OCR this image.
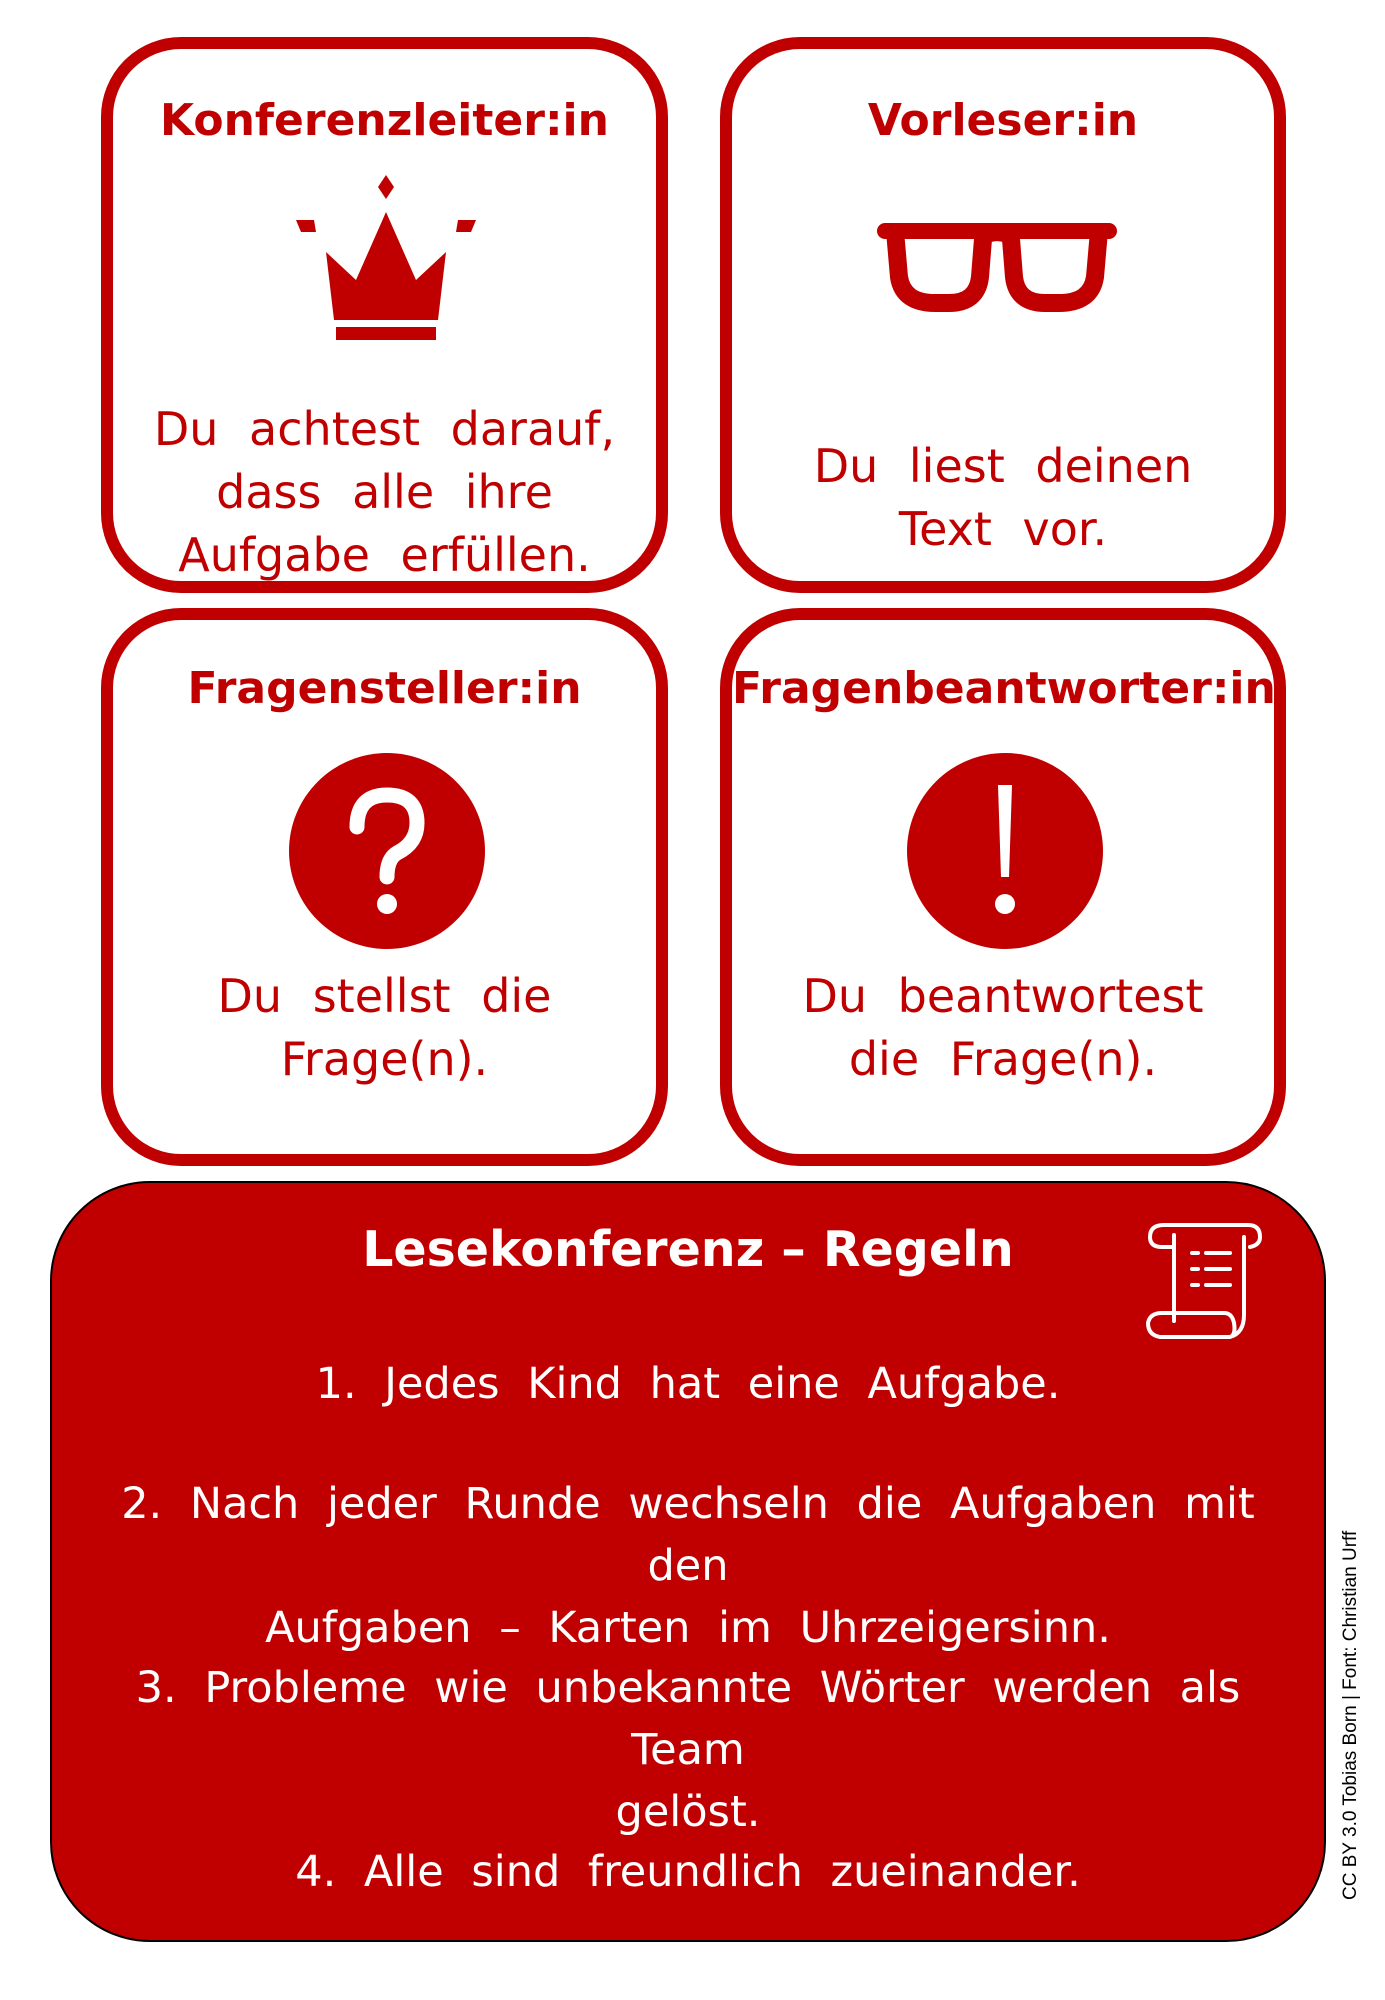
Konferenzleiter:in
Du achtest darauf,
dass alle ihre
Aufgabe erfüllen.
Vorleser:in
Du liest deinen
Text vor.
Fragensteller:in
Du stellst die
Frage(n).
Fragenbeantworter:in
Du beantwortest
die Frage(n).
Lesekonferenz – Regeln
1. Jedes Kind hat eine Aufgabe.
2. Nach jeder Runde wechseln die Aufgaben mit den
Aufgaben – Karten im Uhrzeigersinn.
3. Probleme wie unbekannte Wörter werden als Team
gelöst.
4. Alle sind freundlich zueinander.	CC BY 3.0 Tobias Born | Font: Christian Urff
